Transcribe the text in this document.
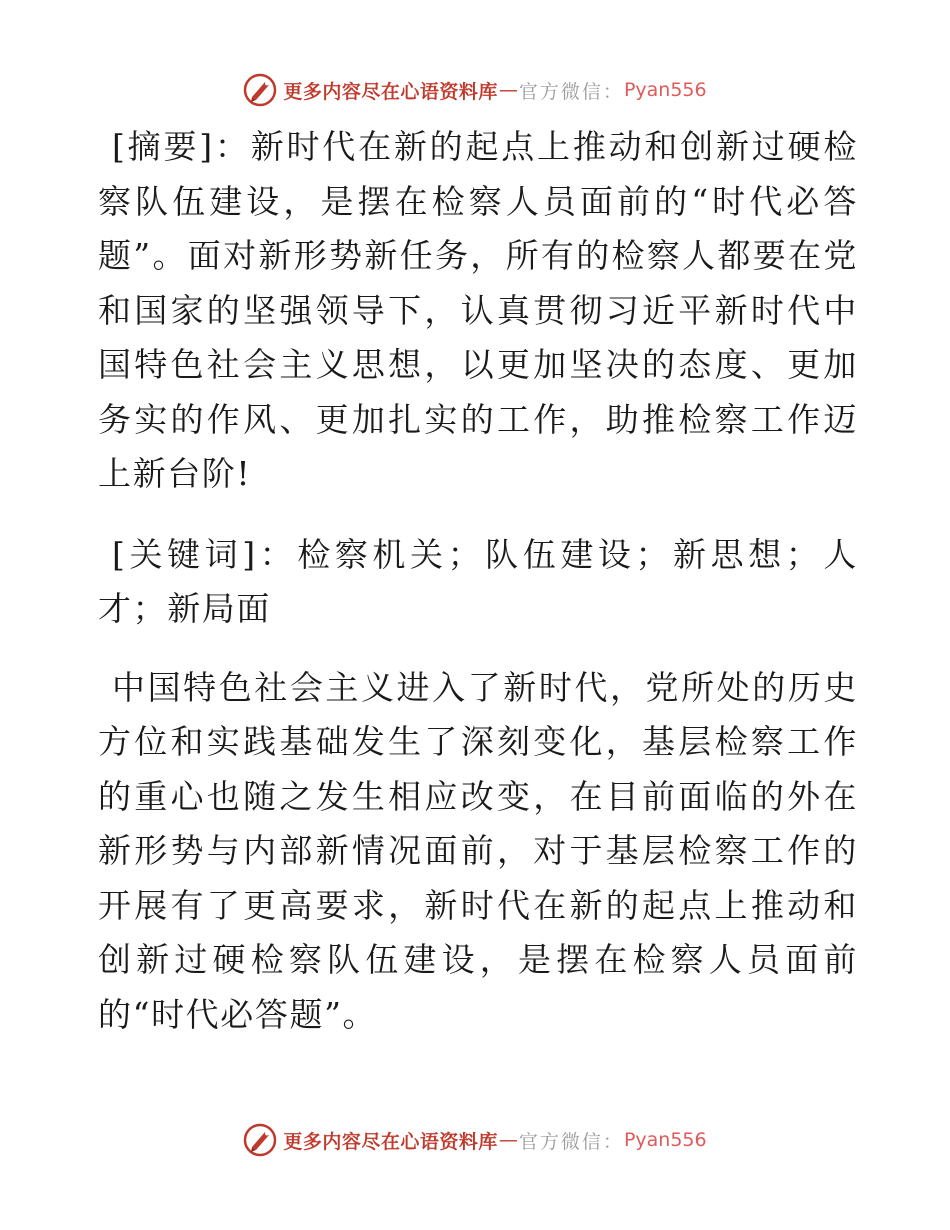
更多内容尽在心语资料库 — 官方微信： Pyan556

[摘要]：新时代在新的起点上推动和创新过硬检察队伍建设，是摆在检察人员面前的“时代必答题”。面对新形势新任务，所有的检察人都要在党和国家的坚强领导下，认真贯彻习近平新时代中国特色社会主义思想，以更加坚决的态度、更加务实的作风、更加扎实的工作，助推检察工作迈上新台阶!

[关键词]：检察机关；队伍建设；新思想；人才；新局面

中国特色社会主义进入了新时代，党所处的历史方位和实践基础发生了深刻变化，基层检察工作的重心也随之发生相应改变，在目前面临的外在新形势与内部新情况面前，对于基层检察工作的开展有了更高要求，新时代在新的起点上推动和创新过硬检察队伍建设，是摆在检察人员面前的“时代必答题”。

更多内容尽在心语资料库 — 官方微信： Pyan556
